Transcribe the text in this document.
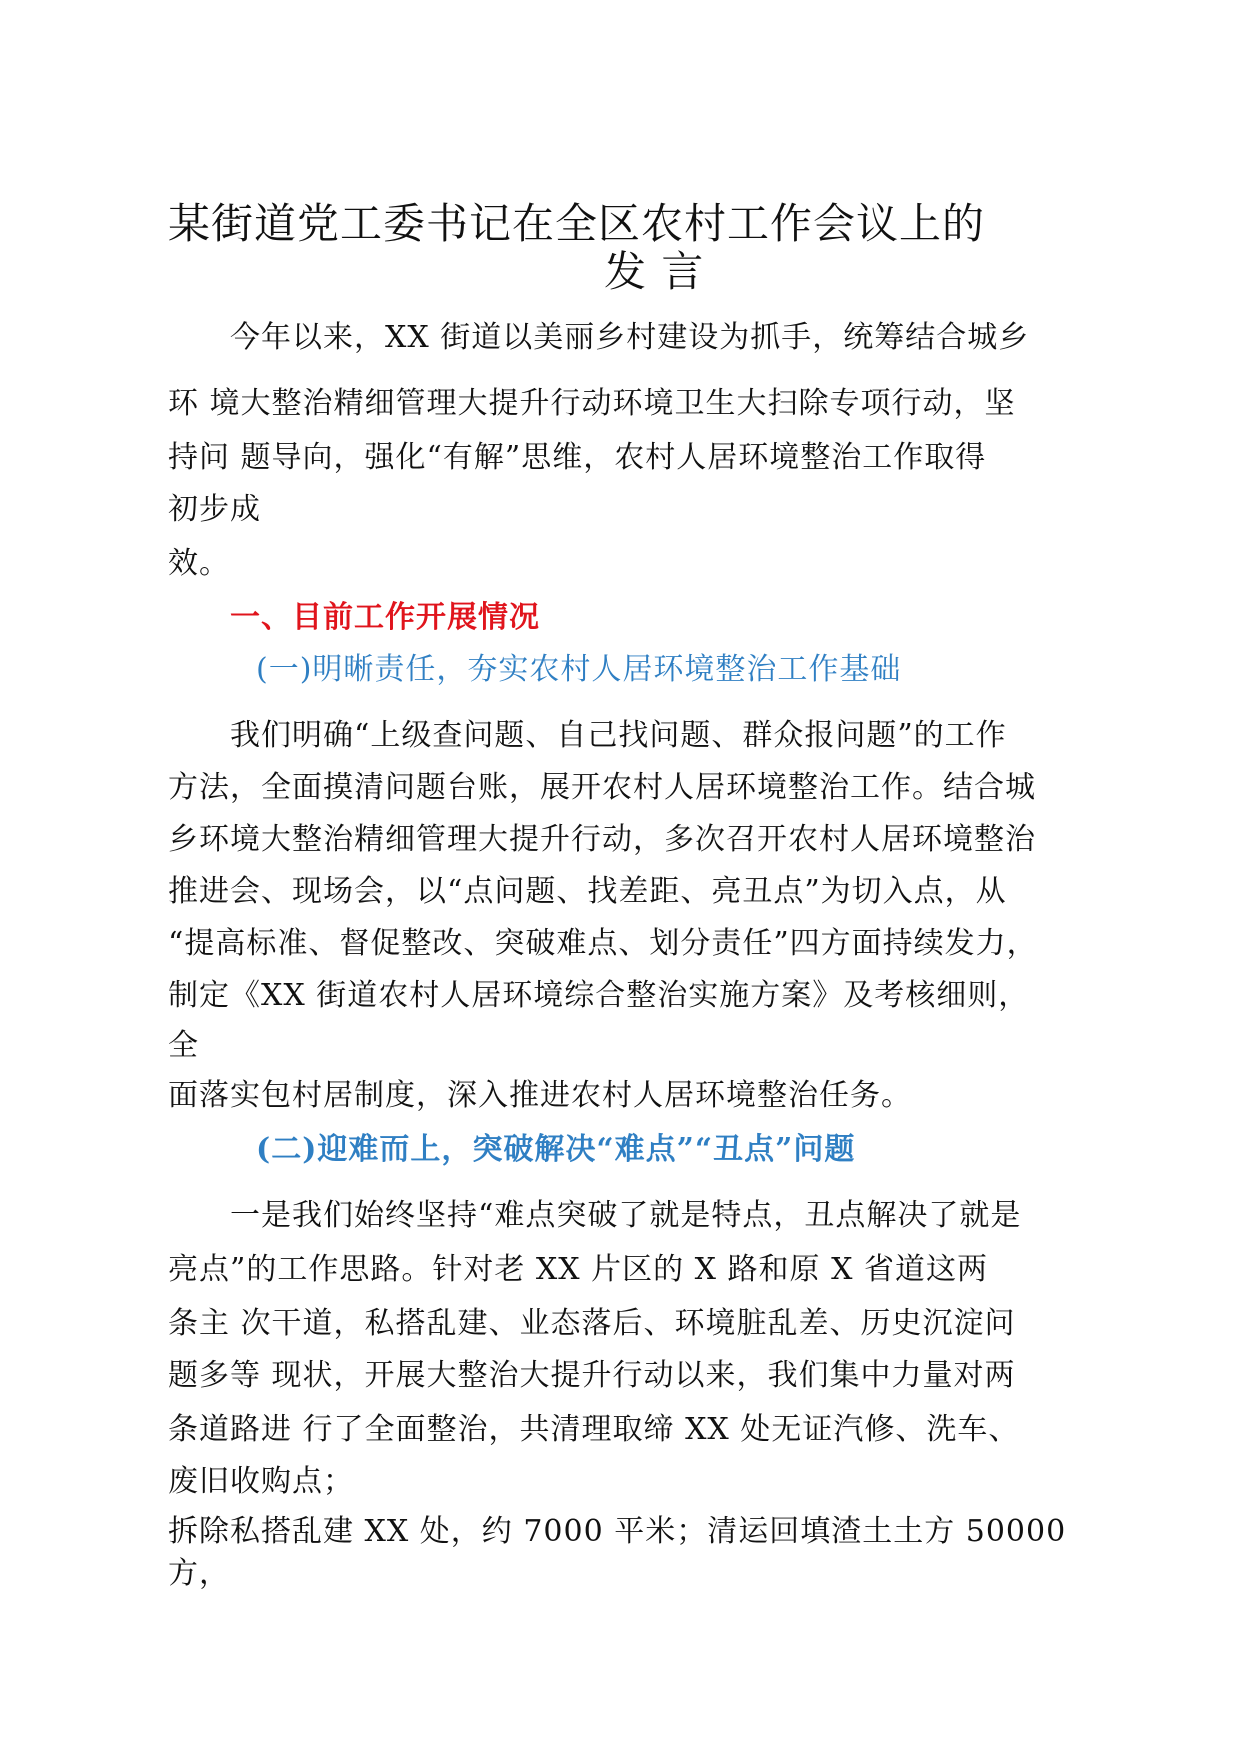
某街道党工委书记在全区农村工作会议上的
发 言
今年以来，XX 街道以美丽乡村建设为抓手，统筹结合城乡
环 境大整治精细管理大提升行动环境卫生大扫除专项行动，坚
持问 题导向，强化“有解”思维，农村人居环境整治工作取得
初步成
效。
一、目前工作开展情况
(一)明晰责任，夯实农村人居环境整治工作基础
我们明确“上级查问题、自己找问题、群众报问题”的工作
方法，全面摸清问题台账，展开农村人居环境整治工作。结合城
乡环境大整治精细管理大提升行动，多次召开农村人居环境整治
推进会、现场会，以“点问题、找差距、亮丑点”为切入点，从
“提高标准、督促整改、突破难点、划分责任”四方面持续发力，
制定《XX 街道农村人居环境综合整治实施方案》及考核细则，
全
面落实包村居制度，深入推进农村人居环境整治任务。
(二)迎难而上，突破解决“难点”“丑点”问题
一是我们始终坚持“难点突破了就是特点，丑点解决了就是
亮点”的工作思路。针对老 XX 片区的 X 路和原 X 省道这两
条主 次干道，私搭乱建、业态落后、环境脏乱差、历史沉淀问
题多等 现状，开展大整治大提升行动以来，我们集中力量对两
条道路进 行了全面整治，共清理取缔 XX 处无证汽修、洗车、
废旧收购点；
拆除私搭乱建 XX 处，约 7000 平米；清运回填渣土土方 50000
方，
